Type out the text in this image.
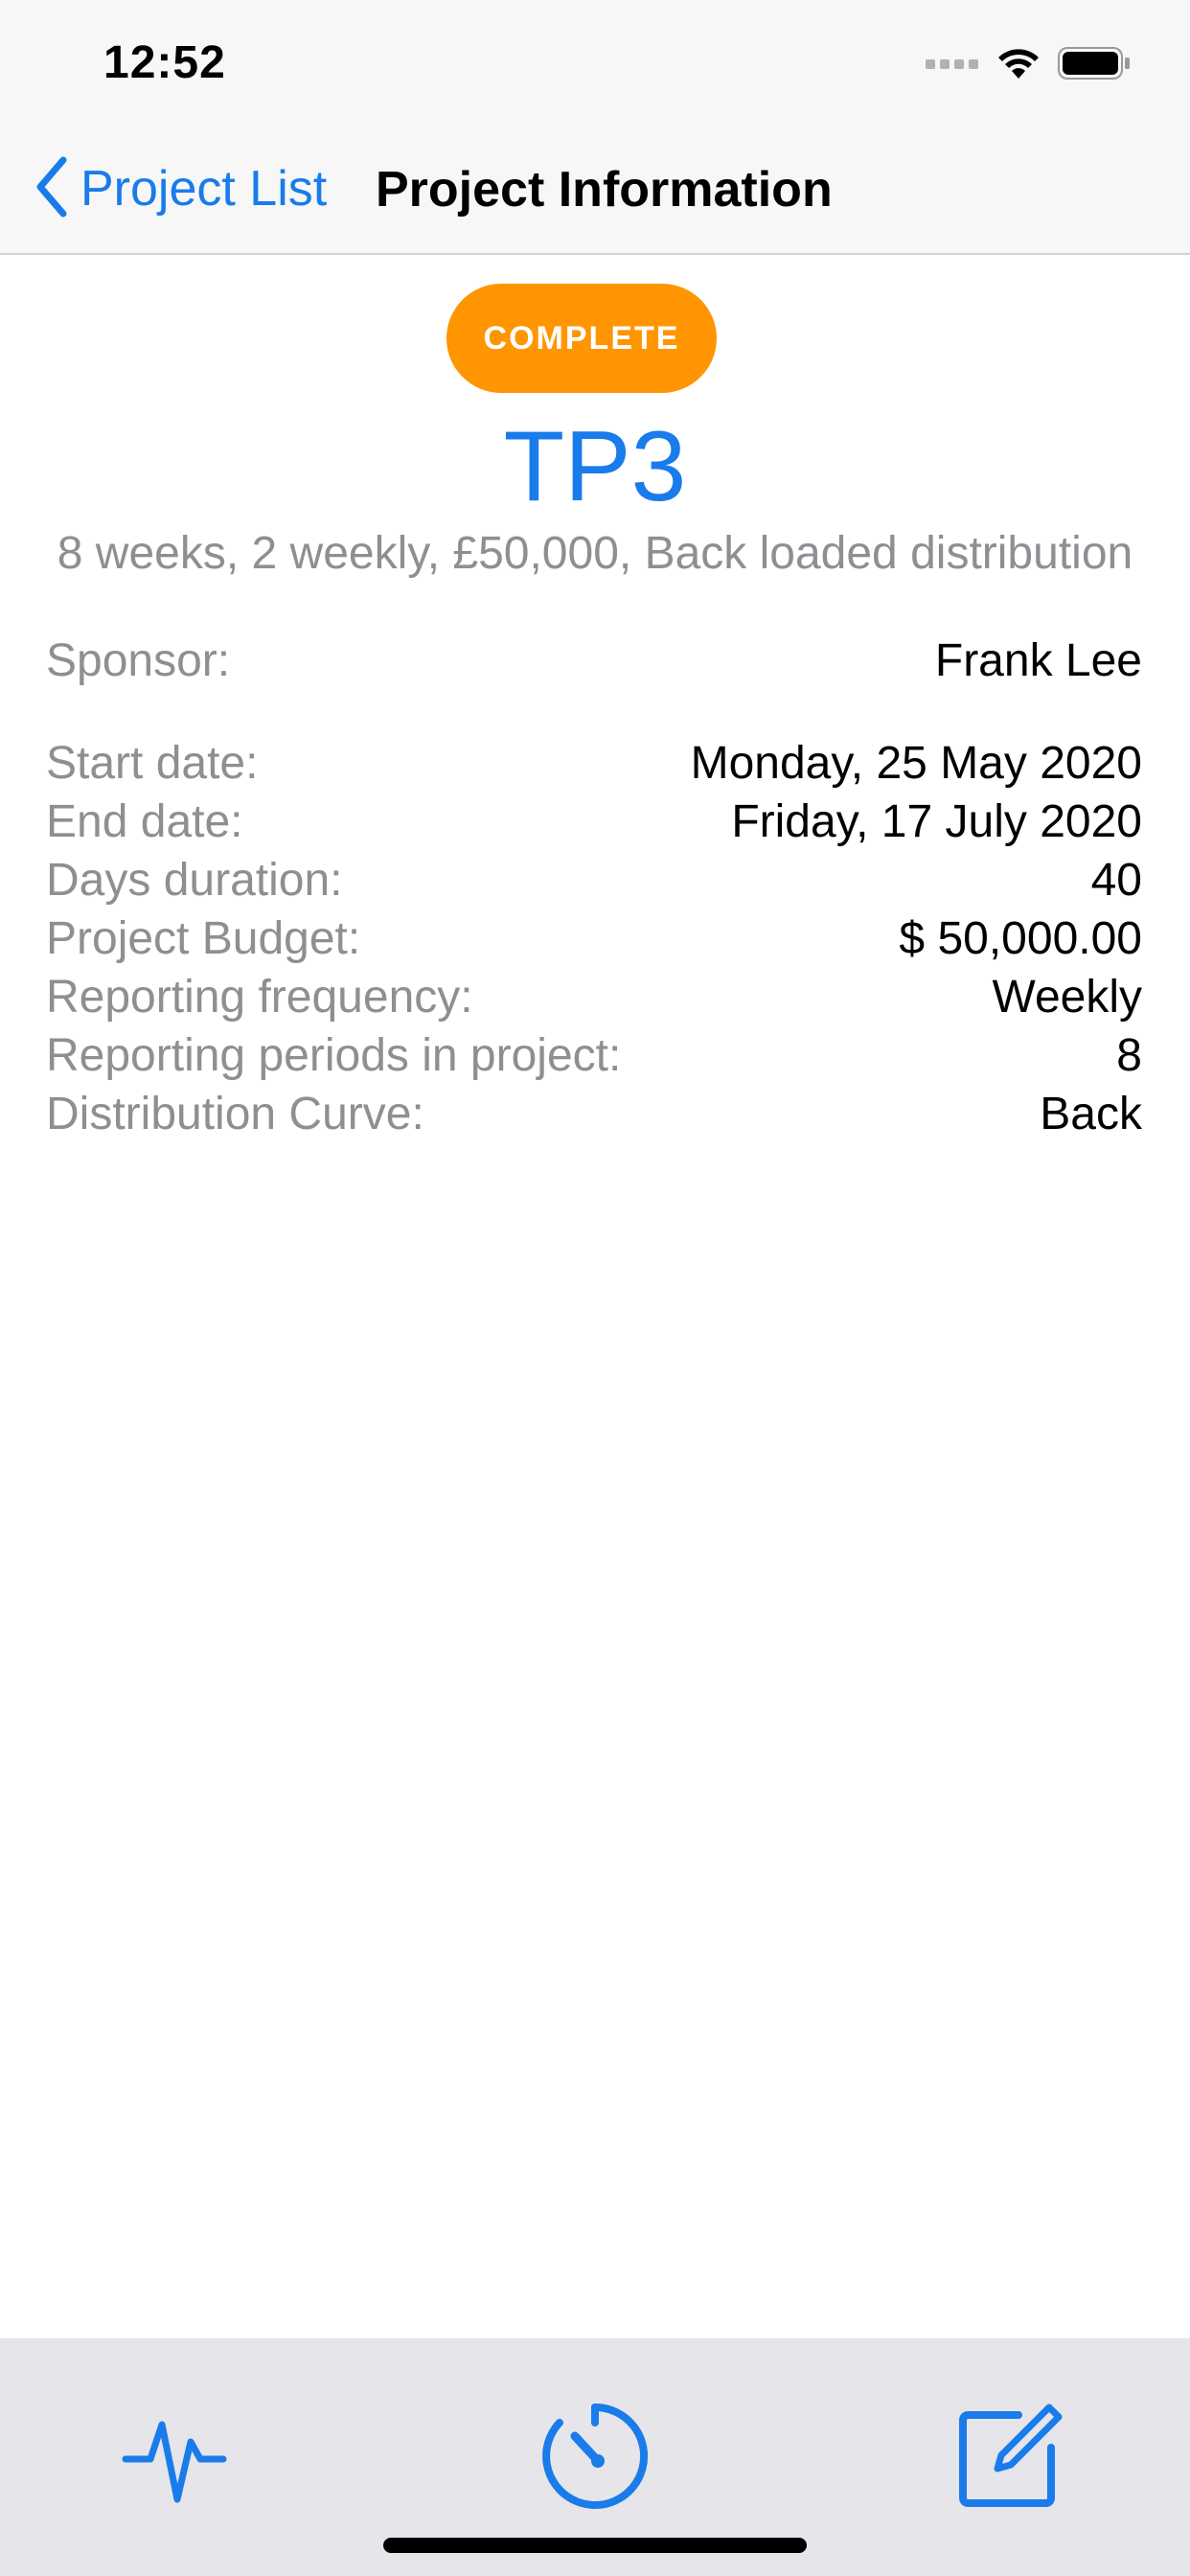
12:52
Project List Project Information
COMPLETE
TP3
8 weeks, 2 weekly, £50,000, Back loaded distribution
Sponsor:	Frank Lee
Start date:	Monday, 25 May 2020
End date:	Friday, 17 July 2020
Days duration:	40
Project Budget:	$ 50,000.00
Reporting frequency:	Weekly
Reporting periods in project:	8
Distribution Curve:	Back
